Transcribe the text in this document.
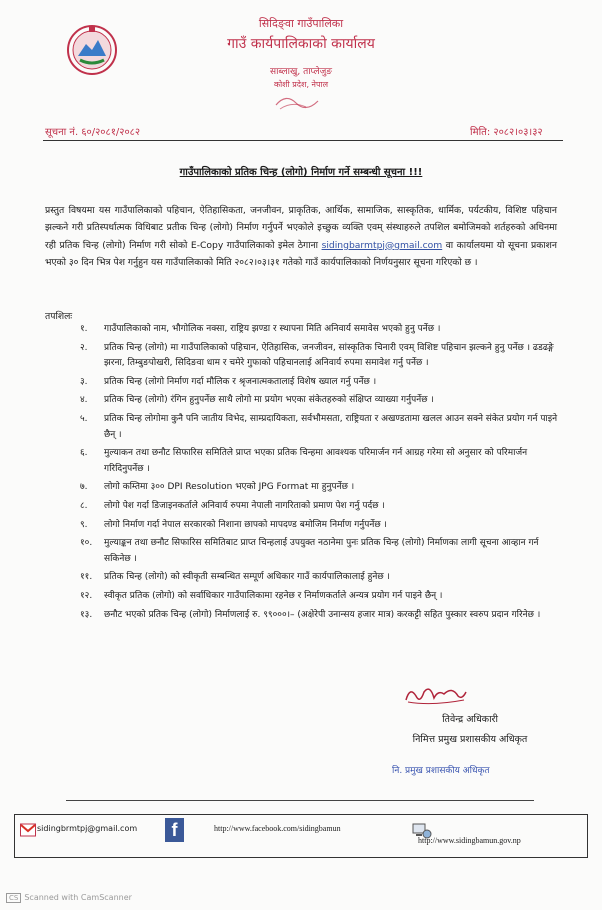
सिदिङ्वा गाउँपालिका
गाउँ कार्यपालिकाको कार्यालय
साब्लाखु, ताप्लेजुङ
कोशी प्रदेश, नेपाल
सूचना नं. ६०/२०८१/२०८२	मिति: २०८२।०३।३२
गाउँपालिकाको प्रतिक चिन्ह (लोगो) निर्माण गर्ने सम्बन्धी सूचना !!!
प्रस्तुत विषयमा यस गाउँपालिकाको पहिचान, ऐतिहासिकता, जनजीवन, प्राकृतिक, आर्थिक, सामाजिक, सास्कृतिक, धार्मिक, पर्यटकीय, विशिष्ट पहिचान झल्कने गरी प्रतिस्पर्धात्मक विधिबाट प्रतीक चिन्ह (लोगो) निर्माण गर्नुपर्ने भएकोले इच्छुक व्यक्ति एवम् संस्थाहरुले तपशिल बमोजिमको शर्तहरुको अधिनमा रही प्रतिक चिन्ह (लोगो) निर्माण गरी सोको E-Copy गाउँपालिकाको इमेल ठेगाना sidingbarmtpj@gmail.com वा कार्यालयमा यो सूचना प्रकाशन भएको ३० दिन भित्र पेश गर्नुहुन यस गाउँपालिकाको मिति २०८२।०३।३१ गतेको गाउँ कार्यपालिकाको निर्णयनुसार सूचना गरिएको छ ।
तपशिलः
१.	गाउँपालिकाको नाम, भौगोलिक नक्सा, राष्ट्रिय झण्डा र स्थापना मिति अनिवार्य समावेस भएको हुनु पर्नेछ ।
२.	प्रतिक चिन्ह (लोगो) मा गाउँपालिकाको पहिचान, ऐतिहासिक, जनजीवन, सांस्कृतिक चिनारी एवम् विशिष्ट पहिचान झल्कने हुनु पर्नेछ । ढडढङ्गे झरना, तिम्बुङपोखरी, सिदिङवा धाम र चमेरे गुफाको पहिचानलाई अनिवार्य रुपमा समावेश गर्नु पर्नेछ ।
३.	प्रतिक चिन्ह (लोगो निर्माण गर्दा मौलिक र श्रृजनात्मकतालाई विशेष ख्याल गर्नु पर्नेछ ।
४.	प्रतिक चिन्ह (लोगो) रंगिन हुनुपर्नेछ साथै लोगो मा प्रयोग भएका संकेतहरुको संक्षिप्त व्याख्या गर्नुपर्नेछ ।
५.	प्रतिक चिन्ह लोगोमा कुनै पनि जातीय विभेद, साम्प्रदायिकता, सर्वभौमसता, राष्ट्रियता र अखण्डतामा खलल आउन सक्ने संकेत प्रयोग गर्न पाइने छैन् ।
६.	मुल्याकन तथा छनौट सिफारिस समितिले प्राप्त भएका प्रतिक चिन्हमा आवश्यक परिमार्जन गर्न आग्रह गरेमा सो अनुसार को परिमार्जन गरिदिनुपर्नेछ ।
७.	लोगो कम्तिमा ३०० DPI Resolution भएको JPG Format मा हुनुपर्नेछ ।
८.	लोगो पेश गर्दा डिजाइनकर्ताले अनिवार्य रुपमा नेपाली नागरिताको प्रमाण पेश गर्नु पर्दछ ।
९.	लोगो निर्माण गर्दा नेपाल सरकारको निशाना छापको मापदण्ड बमोजिम निर्माण गर्नुपर्नेछ ।
१०.	मुल्याङ्कन तथा छनौट सिफारिस समितिबाट प्राप्त चिन्हलाई उपयुक्त नठानेमा पुनः प्रतिक चिन्ह (लोगो) निर्माणका लागी सूचना आव्हान गर्न सकिनेछ ।
११.	प्रतिक चिन्ह (लोगो) को स्वीकृती सम्बन्धित सम्पूर्ण अधिकार गाउँ कार्यपालिकालाई हुनेछ ।
१२.	स्वीकृत प्रतिक (लोगो) को सर्वाधिकार गाउँपालिकामा रहनेछ र निर्माणकर्ताले अन्यत्र प्रयोग गर्न पाइने छैन् ।
१३.	छनौट भएको प्रतिक चिन्ह (लोगो) निर्माणलाई रु. ९९०००।– (अक्षेरेपी उनान्सय हजार मात्र) करकट्टी सहित पुस्कार स्वरुप प्रदान गरिनेछ ।
तिवेन्द्र अधिकारी
निमित्त प्रमुख प्रशासकीय अधिकृत
नि. प्रमुख प्रशासकीय अधिकृत
sidingbrmtpj@gmail.com	f	http://www.facebook.com/sidingbamun
http://www.sidingbamun.gov.np
CS Scanned with CamScanner
